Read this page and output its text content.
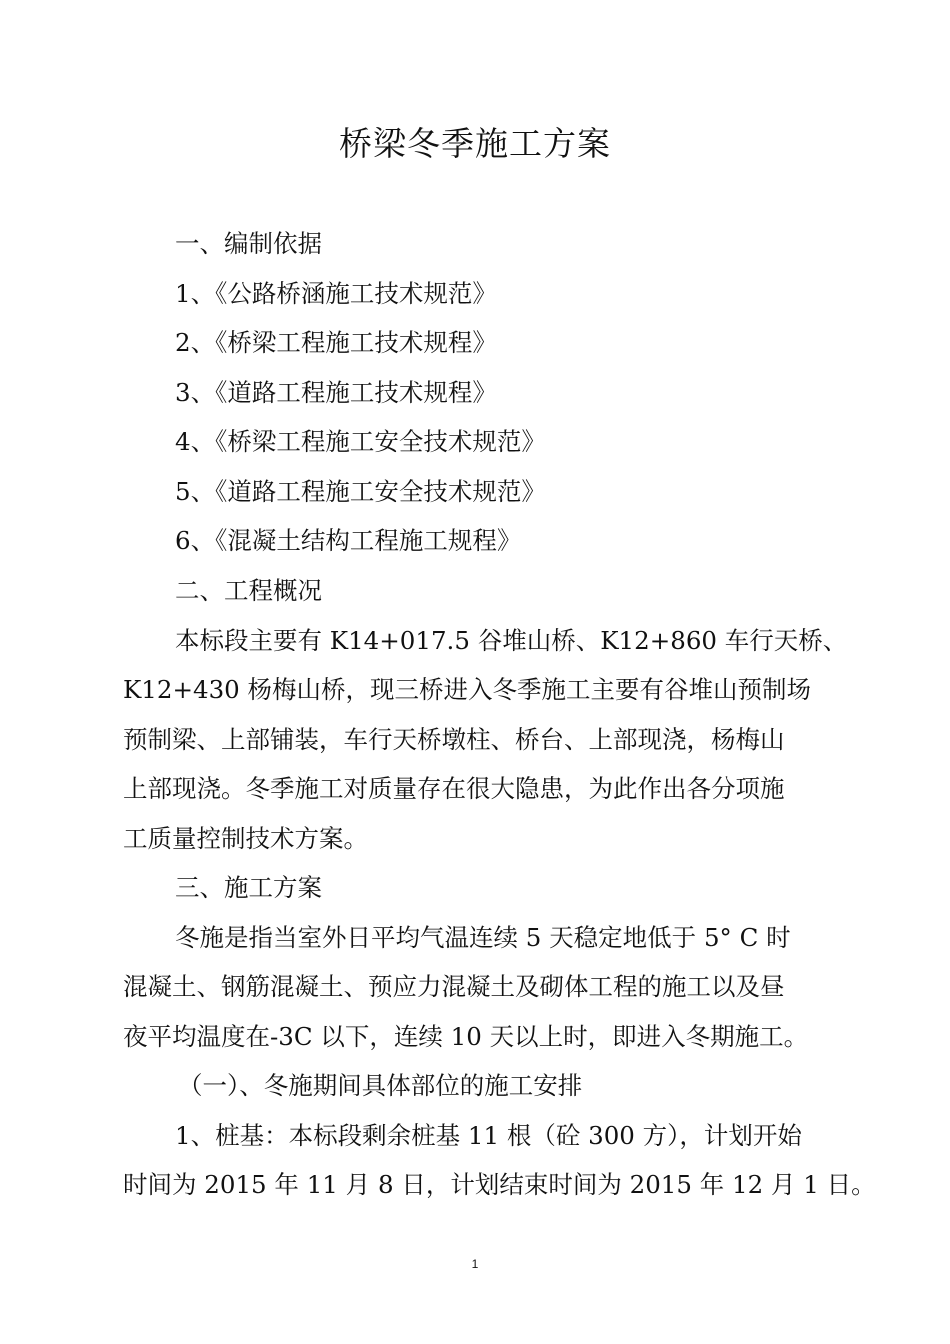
桥梁冬季施工方案
一、编制依据
1、《公路桥涵施工技术规范》
2、《桥梁工程施工技术规程》
3、《道路工程施工技术规程》
4、《桥梁工程施工安全技术规范》
5、《道路工程施工安全技术规范》
6、《混凝土结构工程施工规程》
二、工程概况
本标段主要有 K14+017.5 谷堆山桥、K12+860 车行天桥、
K12+430 杨梅山桥，现三桥进入冬季施工主要有谷堆山预制场
预制梁、上部铺装，车行天桥墩柱、桥台、上部现浇，杨梅山
上部现浇。冬季施工对质量存在很大隐患，为此作出各分项施
工质量控制技术方案。
三、施工方案
冬施是指当室外日平均气温连续 5 天稳定地低于 5° C 时
混凝土、钢筋混凝土、预应力混凝土及砌体工程的施工以及昼
夜平均温度在-3C 以下，连续 10 天以上时，即进入冬期施工。
（一）、冬施期间具体部位的施工安排
1、桩基：本标段剩余桩基 11 根（砼 300 方），计划开始
时间为 2015 年 11 月 8 日，计划结束时间为 2015 年 12 月 1 日。
1
